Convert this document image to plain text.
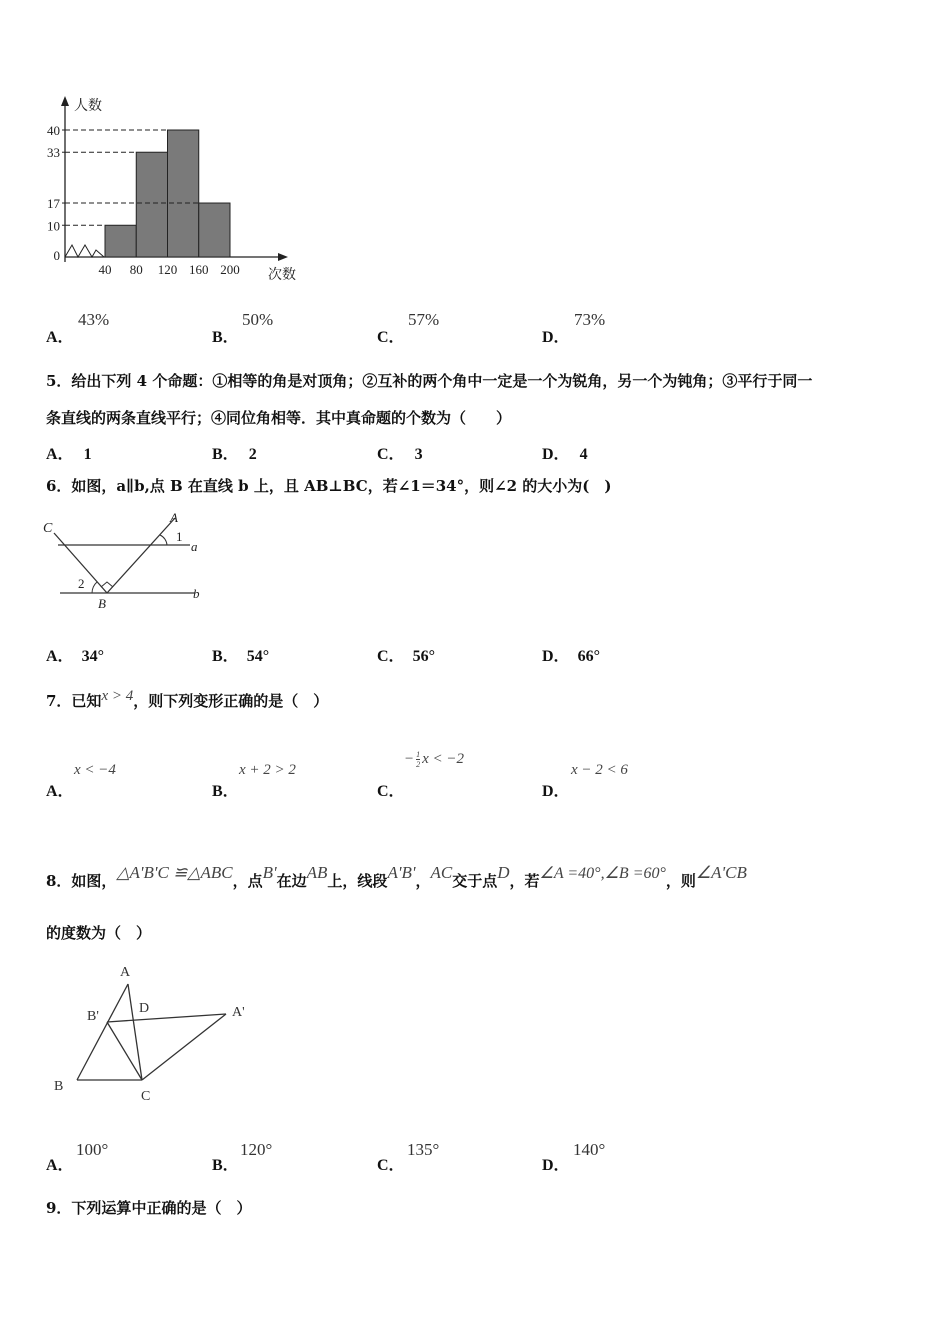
0
10
17
33
40
40 80 120 160 200
人数
次数
A．
43%
B．
50%
C．
57%
D．
73%
5．给出下列 4 个命题：①相等的角是对顶角；②互补的两个角中一定是一个为锐角，另一个为钝角；③平行于同一
条直线的两条直线平行；④同位角相等．其中真命题的个数为（　　）
A． 1	B． 2	C． 3	D． 4
6．如图，a∥b,点 B 在直线 b 上，且 AB⊥BC，若∠1＝34°，则∠2 的大小为(　)
C
A
1
a
2
B
b
A． 34°	B． 54°	C． 56°	D． 66°
7．已知x > 4，则下列变形正确的是（　）
A．
x < −4
B．
x + 2 > 2
C．
− $\frac{1}{2}$ x < −2
D．
x − 2 < 6
8．如图，△A'B'C ≌△ABC，点B'在边AB上，线段A'B'，AC交于点D，若∠A =40°,∠B =60°，则∠A'CB
的度数为（　）
A
B'
D	A'
B
C
A．
100°
B．
120°
C．
135°
D．
140°
9．下列运算中正确的是（　）
